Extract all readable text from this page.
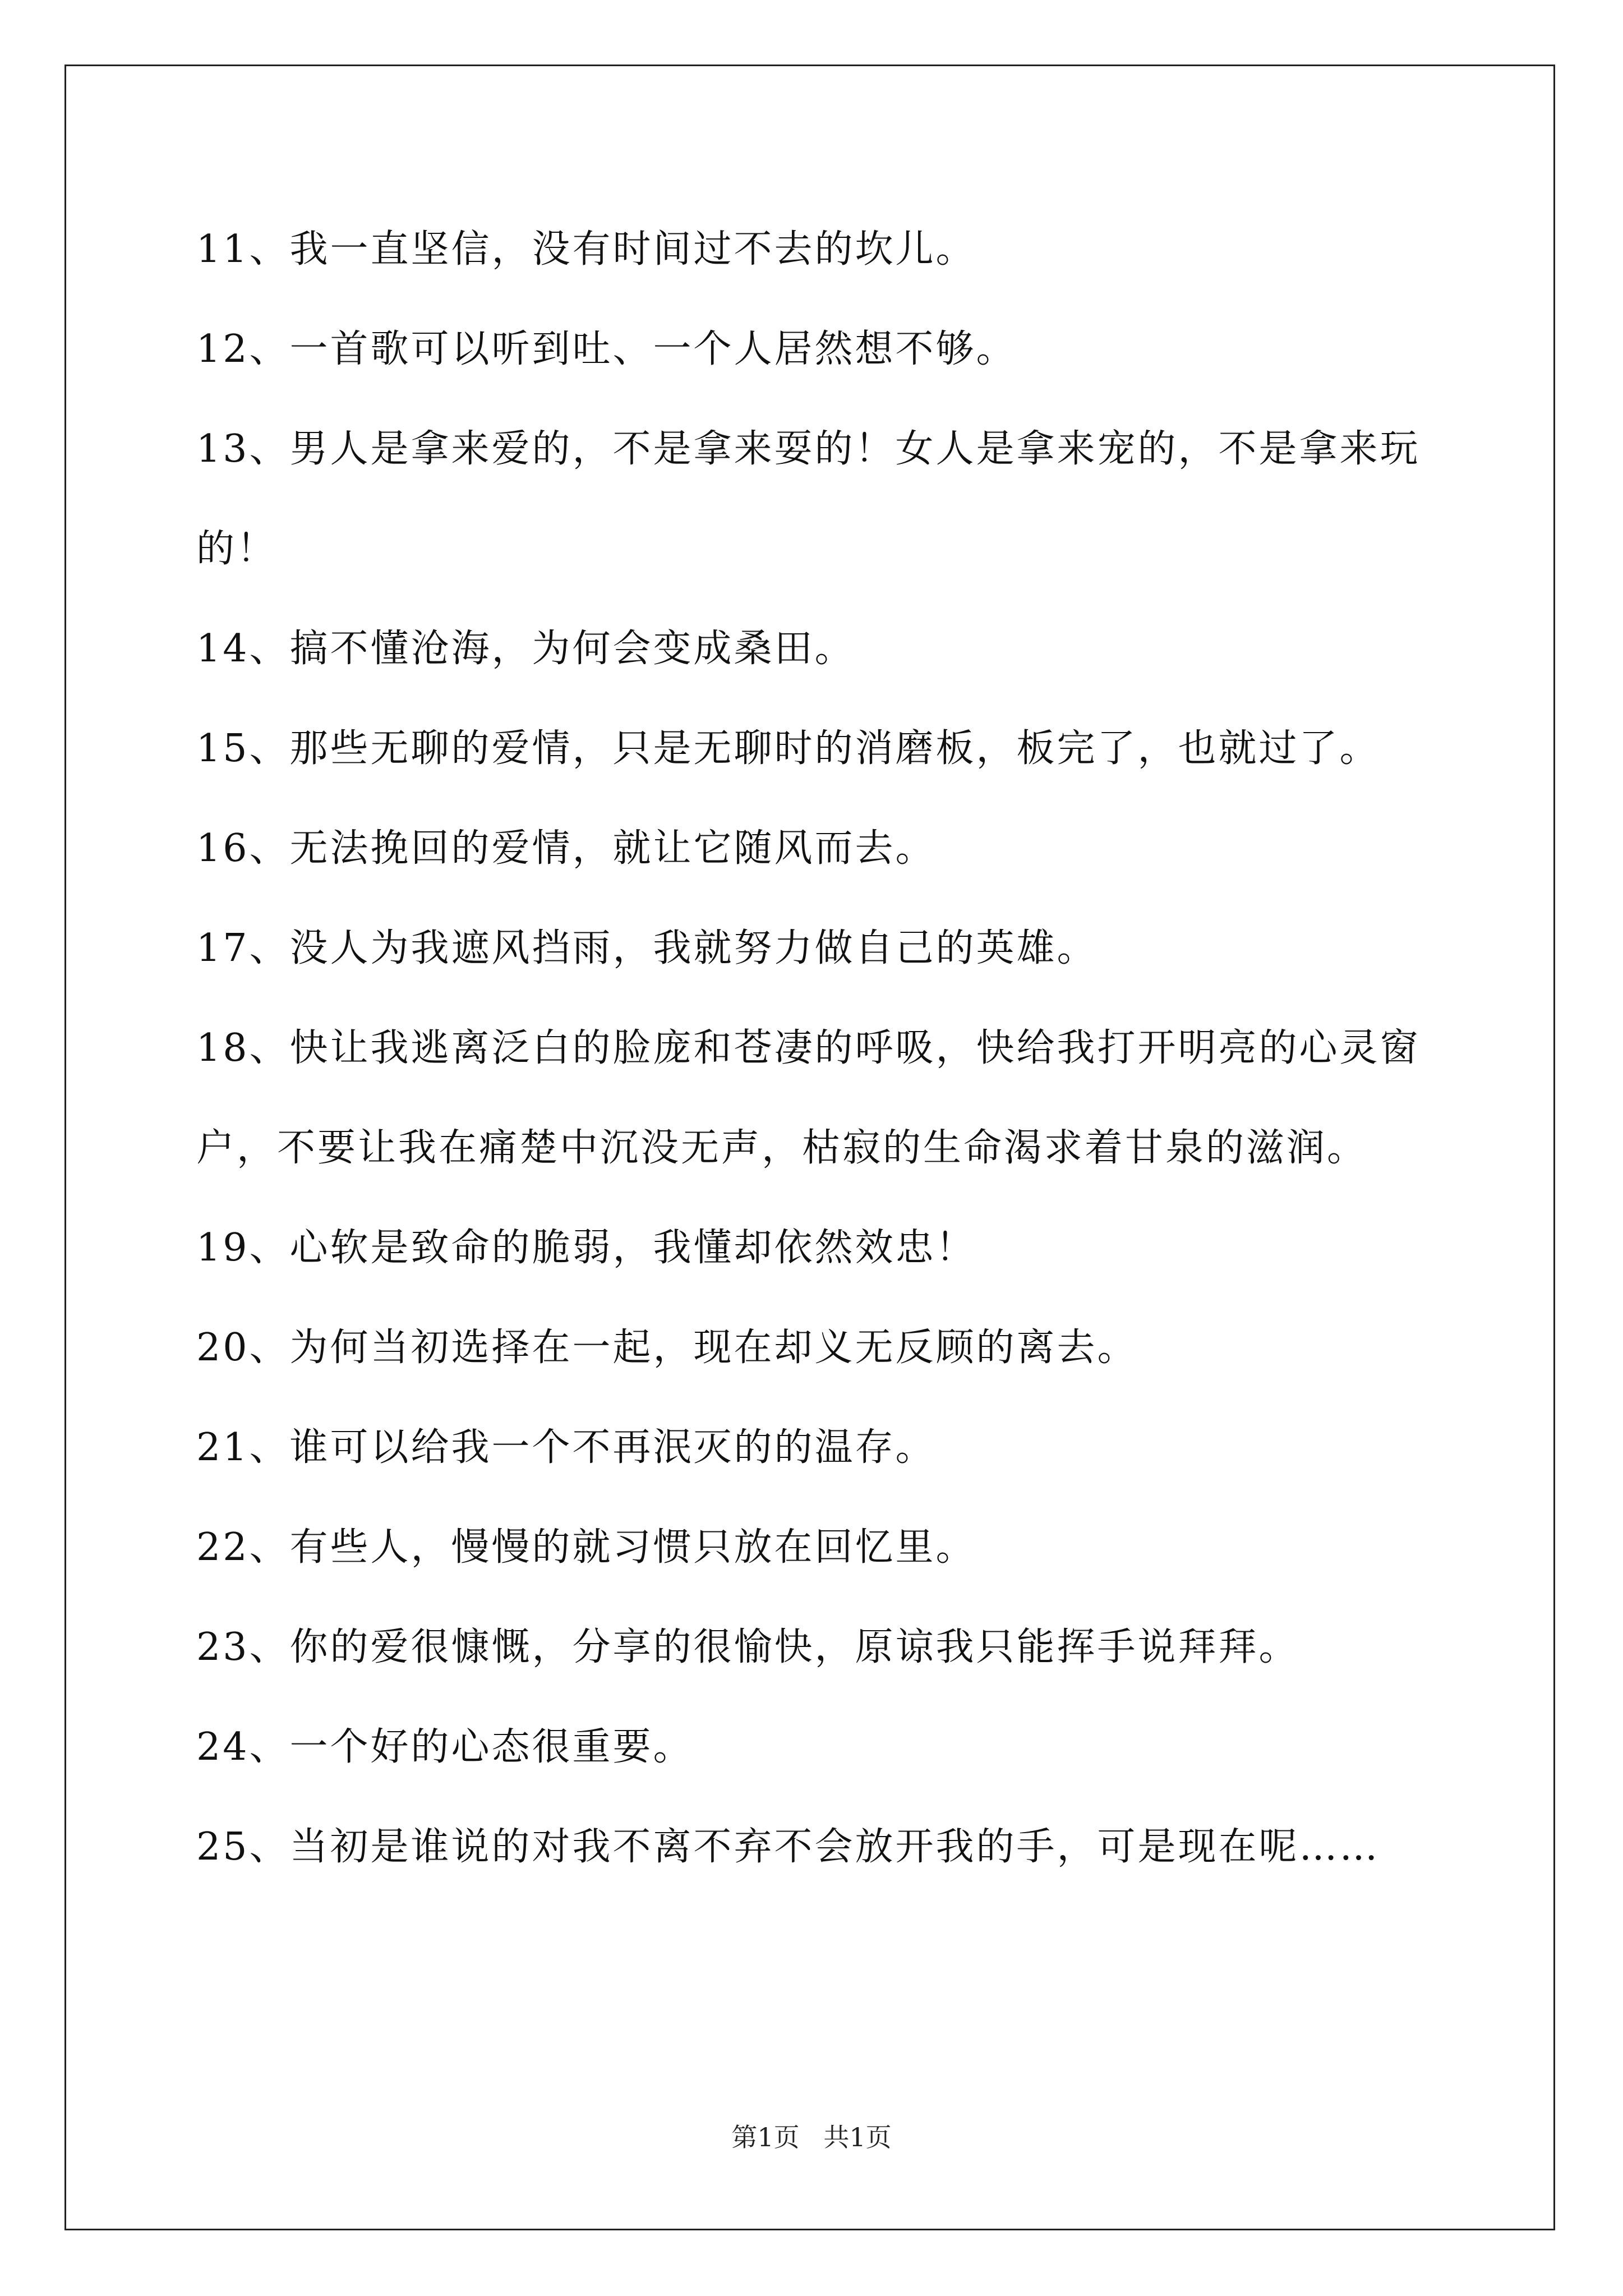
11、我一直坚信，没有时间过不去的坎儿。
12、一首歌可以听到吐、一个人居然想不够。
13、男人是拿来爱的，不是拿来耍的！女人是拿来宠的，不是拿来玩
的！
14、搞不懂沧海，为何会变成桑田。
15、那些无聊的爱情，只是无聊时的消磨板，板完了，也就过了。
16、无法挽回的爱情，就让它随风而去。
17、没人为我遮风挡雨，我就努力做自己的英雄。
18、快让我逃离泛白的脸庞和苍凄的呼吸，快给我打开明亮的心灵窗
户，不要让我在痛楚中沉没无声，枯寂的生命渴求着甘泉的滋润。
19、心软是致命的脆弱，我懂却依然效忠！
20、为何当初选择在一起，现在却义无反顾的离去。
21、谁可以给我一个不再泯灭的的温存。
22、有些人，慢慢的就习惯只放在回忆里。
23、你的爱很慷慨，分享的很愉快，原谅我只能挥手说拜拜。
24、一个好的心态很重要。
25、当初是谁说的对我不离不弃不会放开我的手，可是现在呢……
第1页 共1页
